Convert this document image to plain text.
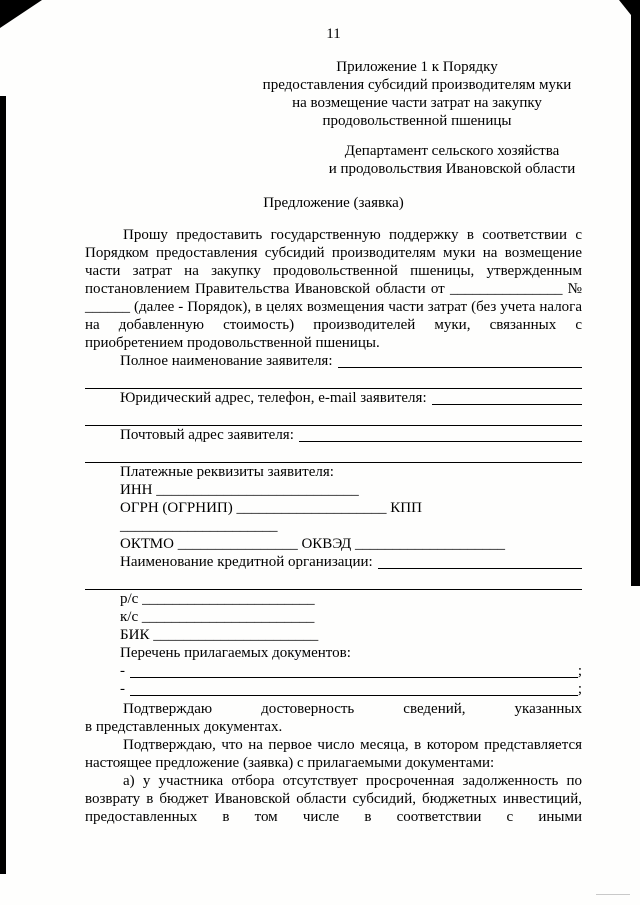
11
Приложение 1 к Порядку
предоставления субсидий производителям муки
на возмещение части затрат на закупку
продовольственной пшеницы
Департамент сельского хозяйства
и продовольствия Ивановской области
Предложение (заявка)
Прошу предоставить государственную поддержку в соответствии с Порядком предоставления субсидий производителям муки на возмещение части затрат на закупку продовольственной пшеницы, утвержденным постановлением Правительства Ивановской области от _______________ № ______ (далее - Порядок), в целях возмещения части затрат (без учета налога на добавленную стоимость) производителей муки, связанных с приобретением продовольственной пшеницы.
Полное наименование заявителя:
Юридический адрес, телефон, e-mail заявителя:
Почтовый адрес заявителя:
Платежные реквизиты заявителя:
ИНН ___________________________
ОГРН (ОГРНИП) ____________________ КПП _____________________
ОКТМО ________________ ОКВЭД ____________________
Наименование кредитной организации:
р/с _______________________
к/с _______________________
БИК ______________________
Перечень прилагаемых документов:
-	;
-	;
Подтверждаю достоверность сведений, указанных
в представленных документах.
Подтверждаю, что на первое число месяца, в котором представляется настоящее предложение (заявка) с прилагаемыми документами:
а) у участника отбора отсутствует просроченная задолженность по возврату в бюджет Ивановской области субсидий, бюджетных инвестиций, предоставленных в том числе в соответствии с иными
